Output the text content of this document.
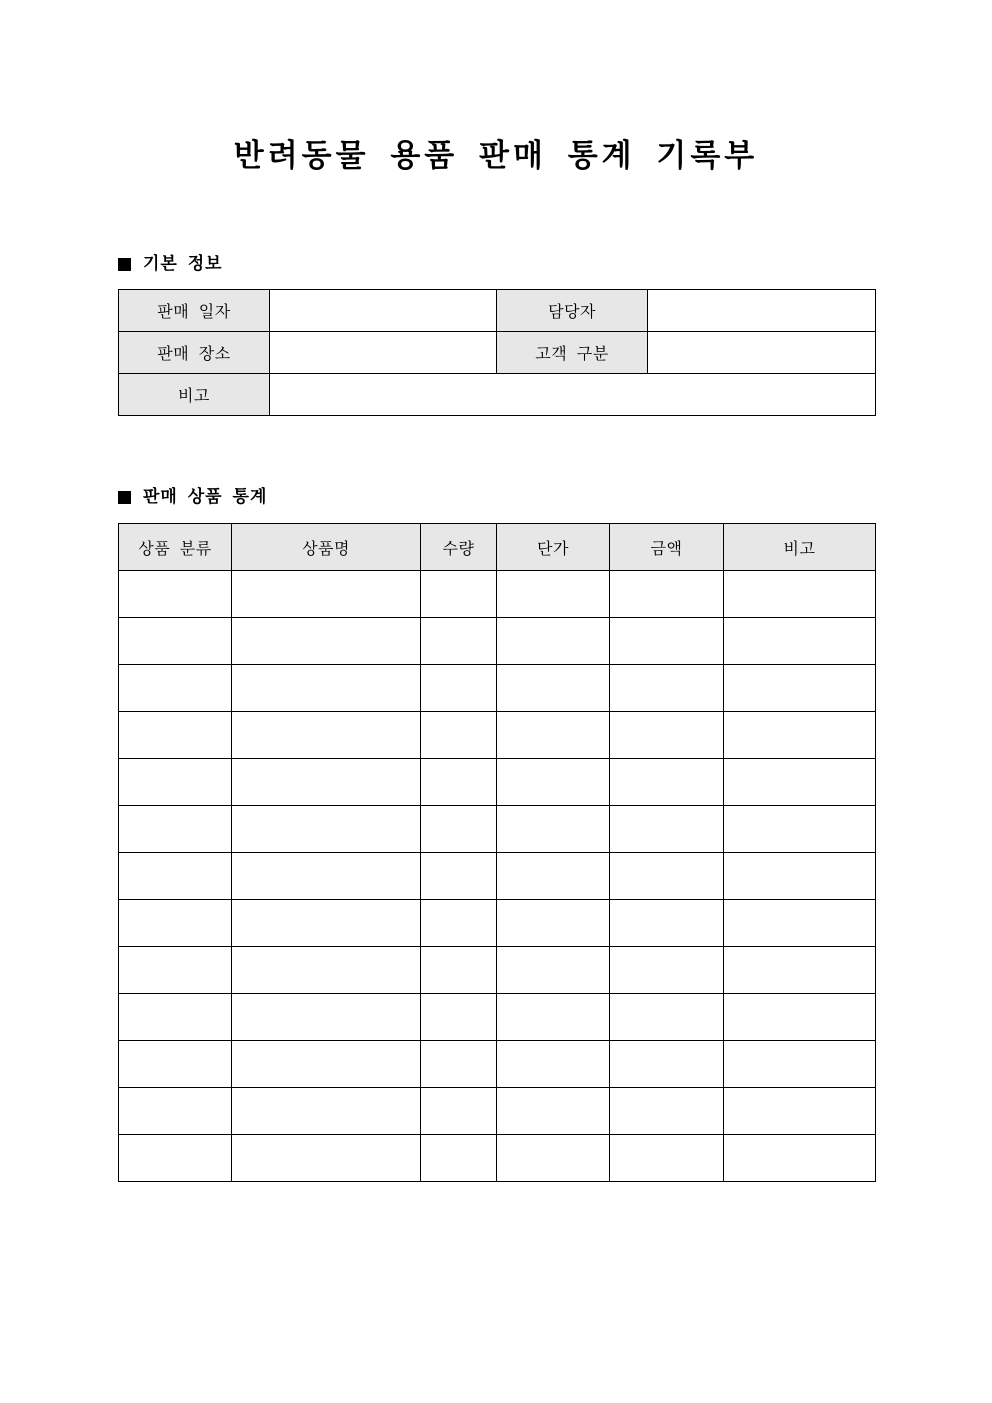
반려동물 용품 판매 통계 기록부
기본 정보
판매 일자		담당자	
판매 장소		고객 구분	
비고			
판매 상품 통계
상품 분류	상품명	수량	단가	금액	비고
